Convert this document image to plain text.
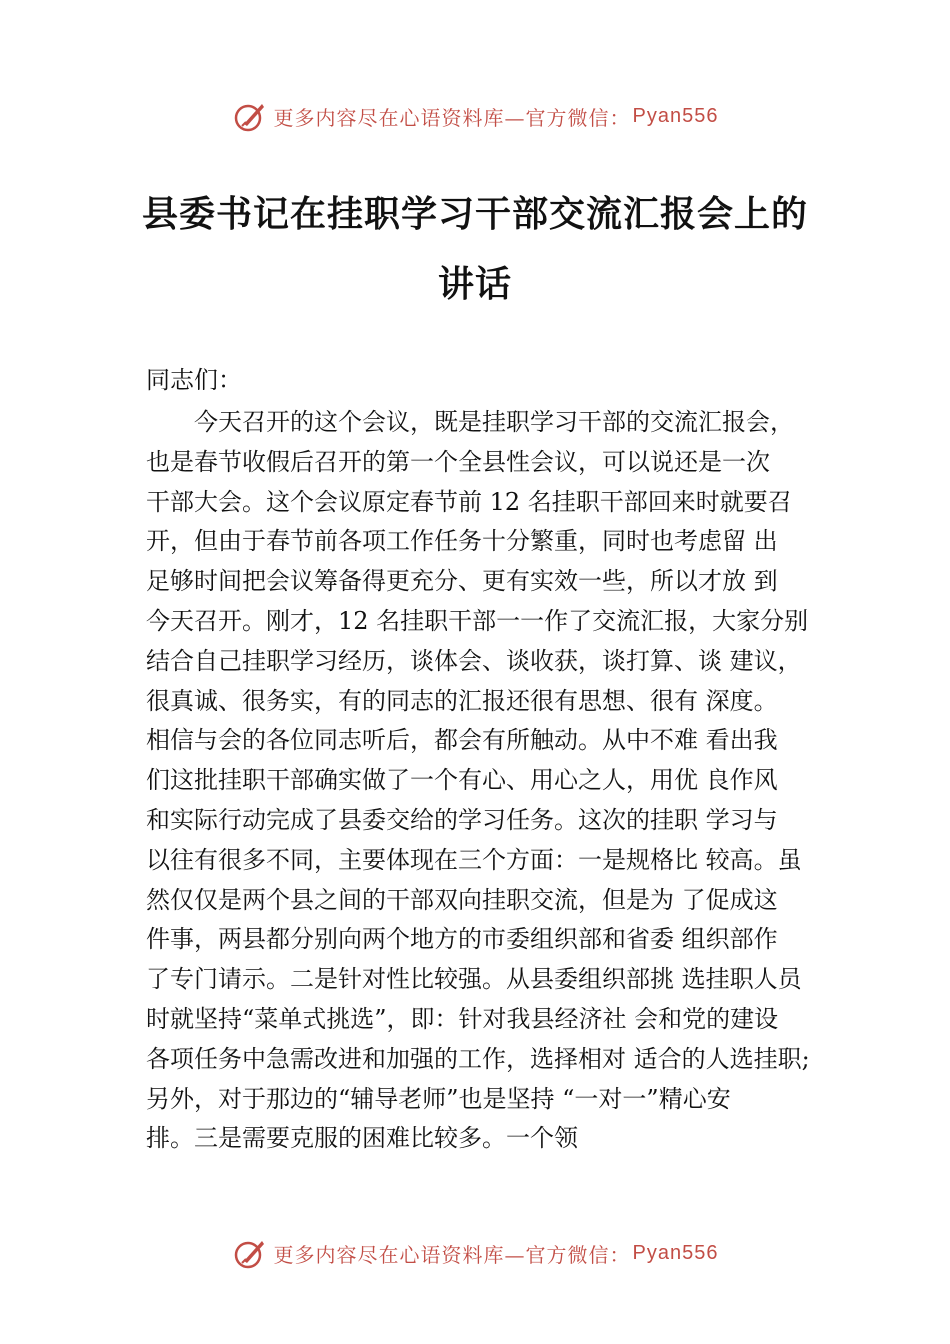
更多内容尽在心语资料库—官方微信： Pyan556
县委书记在挂职学习干部交流汇报会上的
讲话

同志们：

　　今天召开的这个会议，既是挂职学习干部的交流汇报会，

也是春节收假后召开的第一个全县性会议，可以说还是一次

干部大会。这个会议原定春节前 12 名挂职干部回来时就要召

开，但由于春节前各项工作任务十分繁重，同时也考虑留 出

足够时间把会议筹备得更充分、更有实效一些，所以才放 到

今天召开。刚才，12 名挂职干部一一作了交流汇报，大家分别

结合自己挂职学习经历，谈体会、谈收获，谈打算、谈 建议，

很真诚、很务实，有的同志的汇报还很有思想、很有 深度。

相信与会的各位同志听后，都会有所触动。从中不难 看出我

们这批挂职干部确实做了一个有心、用心之人，用优 良作风

和实际行动完成了县委交给的学习任务。这次的挂职 学习与

以往有很多不同，主要体现在三个方面：一是规格比 较高。虽

然仅仅是两个县之间的干部双向挂职交流，但是为 了促成这

件事，两县都分别向两个地方的市委组织部和省委 组织部作

了专门请示。二是针对性比较强。从县委组织部挑 选挂职人员

时就坚持“菜单式挑选”，即：针对我县经济社 会和党的建设

各项任务中急需改进和加强的工作，选择相对 适合的人选挂职;

另外，对于那边的“辅导老师”也是坚持 “一对一”精心安

排。三是需要克服的困难比较多。一个领

更多内容尽在心语资料库—官方微信： Pyan556
